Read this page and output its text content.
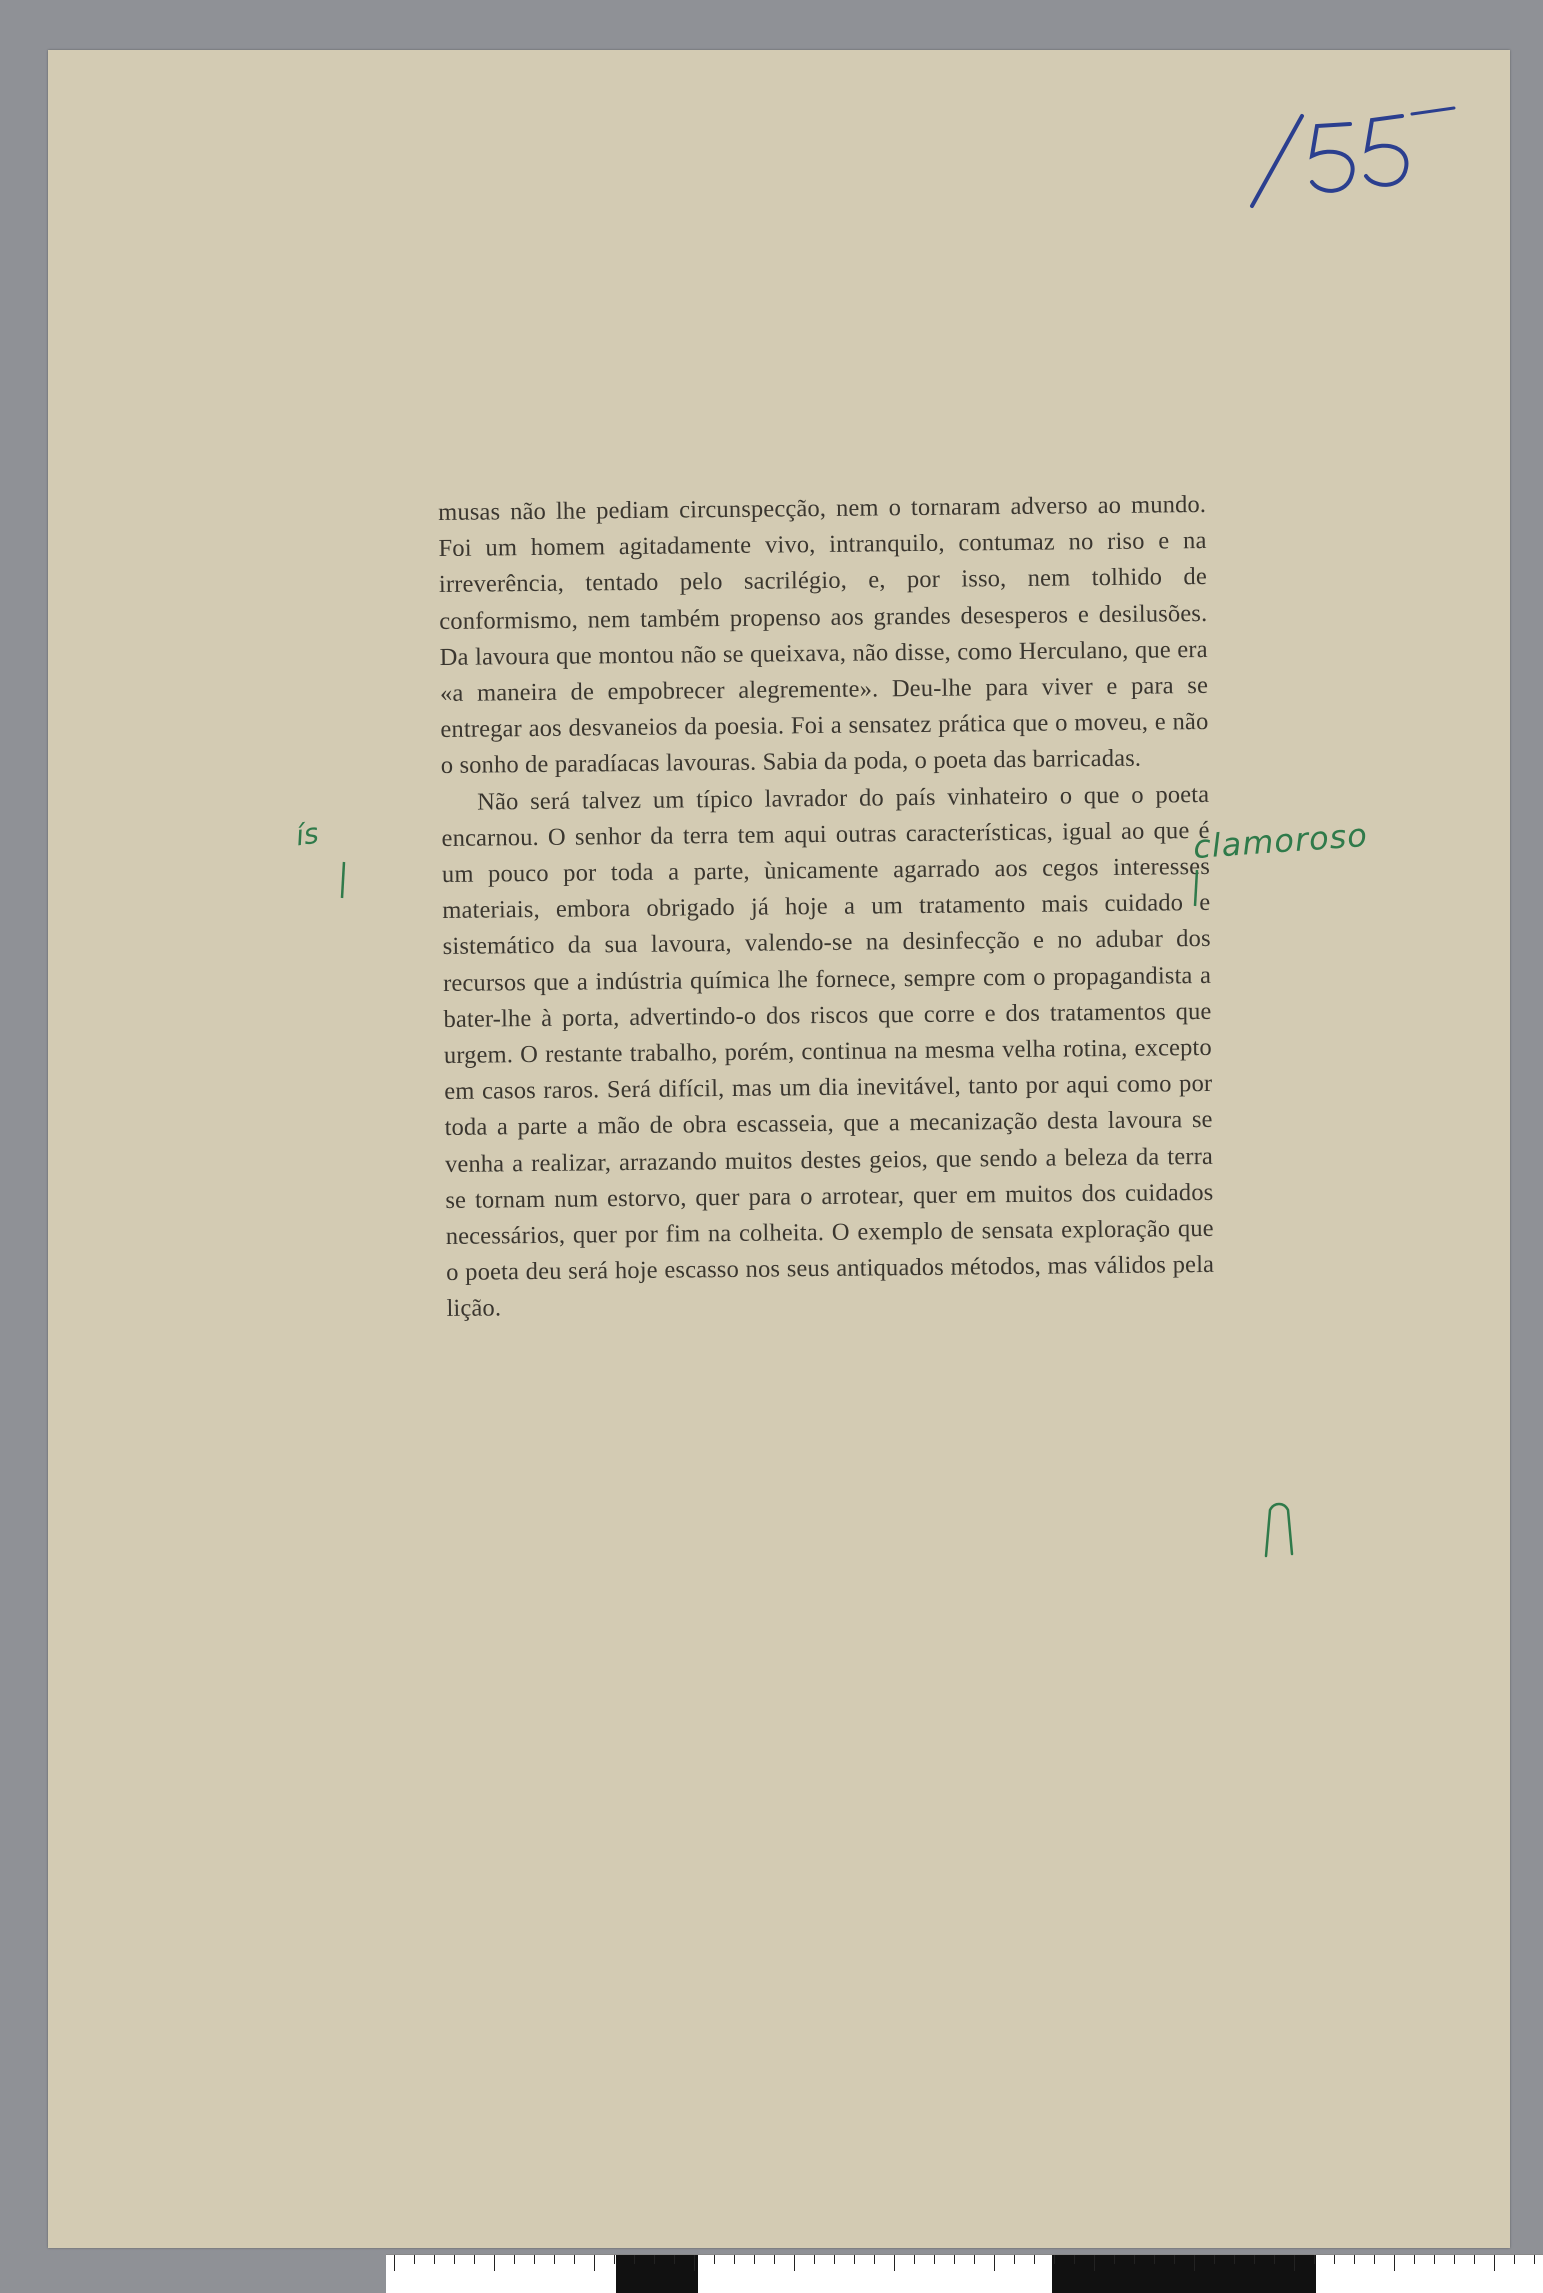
musas não lhe pediam circunspecção, nem o tornaram adverso ao mundo. Foi um homem agitadamente vivo, intranquilo, contumaz no riso e na irreverência, tentado pelo sacrilégio, e, por isso, nem tolhido de conformismo, nem também propenso aos grandes desesperos e desilusões. Da lavoura que montou não se queixava, não disse, como Herculano, que era «a maneira de empobrecer alegremente». Deu-lhe para viver e para se entregar aos desvaneios da poesia. Foi a sensatez prática que o moveu, e não o sonho de paradíacas lavouras. Sabia da poda, o poeta das barricadas.

Não será talvez um típico lavrador do país vinhateiro o que o poeta encarnou. O senhor da terra tem aqui outras características, igual ao que é um pouco por toda a parte, ùnicamente agarrado aos cegos interesses materiais, embora obrigado já hoje a um tratamento mais cuidado e sistemático da sua lavoura, valendo-se na desinfecção e no adubar dos recursos que a indústria química lhe fornece, sempre com o propagandista a bater-lhe à porta, advertindo-o dos riscos que corre e dos tratamentos que urgem. O restante trabalho, porém, continua na mesma velha rotina, excepto em casos raros. Será difícil, mas um dia inevitável, tanto por aqui como por toda a parte a mão de obra escasseia, que a mecanização desta lavoura se venha a realizar, arrazando muitos destes geios, que sendo a beleza da terra se tornam num estorvo, quer para o arrotear, quer em muitos dos cuidados necessários, quer por fim na colheita. O exemplo de sensata exploração que o poeta deu será hoje escasso nos seus antiquados métodos, mas válidos pela lição.

ís	clamoroso
